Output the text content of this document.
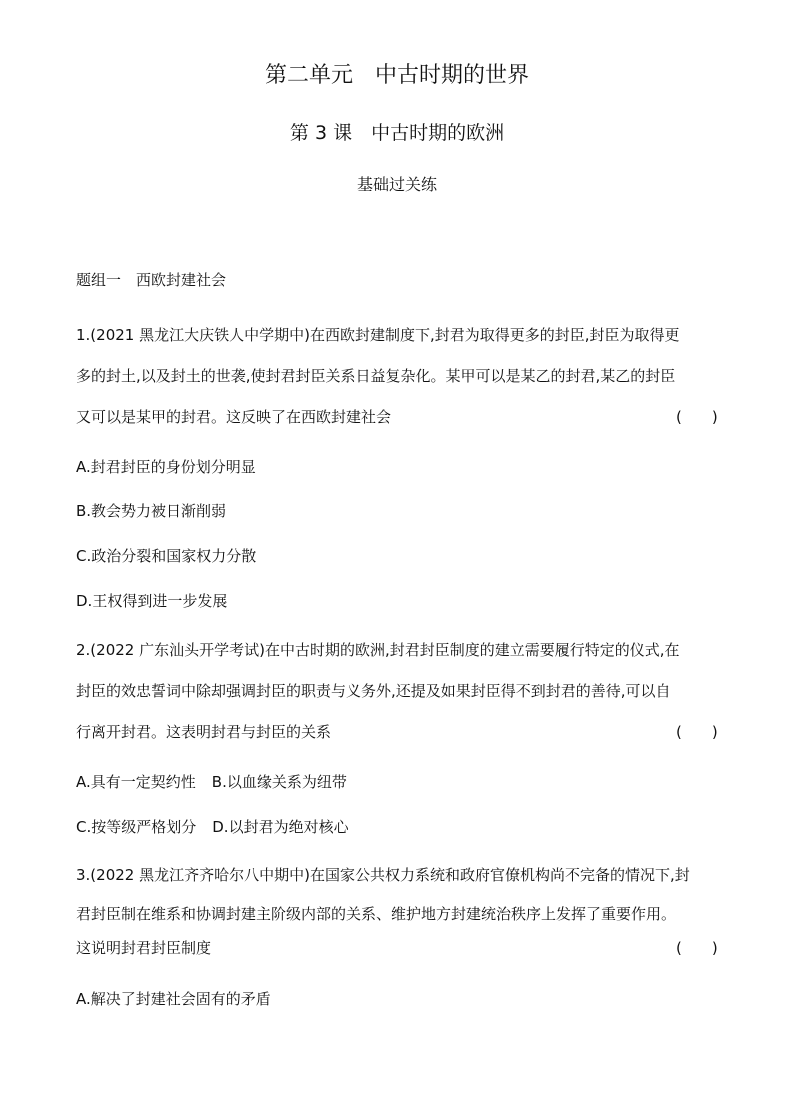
第二单元　中古时期的世界
第 3 课　中古时期的欧洲
基础过关练
题组一　西欧封建社会
1.(2021 黑龙江大庆铁人中学期中)在西欧封建制度下,封君为取得更多的封臣,封臣为取得更
多的封土,以及封土的世袭,使封君封臣关系日益复杂化。某甲可以是某乙的封君,某乙的封臣
又可以是某甲的封君。这反映了在西欧封建社会	(　　)
A.封君封臣的身份划分明显
B.教会势力被日渐削弱
C.政治分裂和国家权力分散
D.王权得到进一步发展
2.(2022 广东汕头开学考试)在中古时期的欧洲,封君封臣制度的建立需要履行特定的仪式,在
封臣的效忠誓词中除却强调封臣的职责与义务外,还提及如果封臣得不到封君的善待,可以自
行离开封君。这表明封君与封臣的关系	(　　)
A.具有一定契约性 B.以血缘关系为纽带
C.按等级严格划分 D.以封君为绝对核心
3.(2022 黑龙江齐齐哈尔八中期中)在国家公共权力系统和政府官僚机构尚不完备的情况下,封
君封臣制在维系和协调封建主阶级内部的关系、维护地方封建统治秩序上发挥了重要作用。
这说明封君封臣制度	(　　)
A.解决了封建社会固有的矛盾
